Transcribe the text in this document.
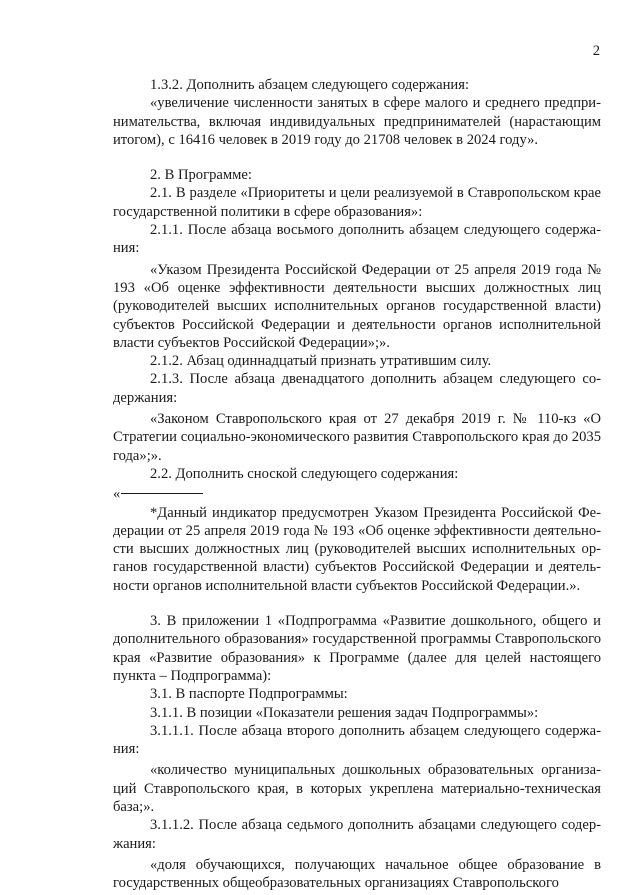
2

1.3.2. Дополнить абзацем следующего содержания:

«увеличение численности занятых в сфере малого и среднего предпринимательства, включая индивидуальных предпринимателей (нарастающим итогом), с 16416 человек в 2019 году до 21708 человек в 2024 году».

2. В Программе:

2.1. В разделе «Приоритеты и цели реализуемой в Ставропольском крае государственной политики в сфере образования»:

2.1.1. После абзаца восьмого дополнить абзацем следующего содержания:

«Указом Президента Российской Федерации от 25 апреля 2019 года № 193 «Об оценке эффективности деятельности высших должностных лиц (руководителей высших исполнительных органов государственной власти) субъектов Российской Федерации и деятельности органов исполнительной власти субъектов Российской Федерации»;».

2.1.2. Абзац одиннадцатый признать утратившим силу.

2.1.3. После абзаца двенадцатого дополнить абзацем следующего содержания:

«Законом Ставропольского края от 27 декабря 2019 г. № 110-кз «О Стратегии социально-экономического развития Ставропольского края до 2035 года»;».

2.2. Дополнить сноской следующего содержания:

«

*Данный индикатор предусмотрен Указом Президента Российской Федерации от 25 апреля 2019 года № 193 «Об оценке эффективности деятельности высших должностных лиц (руководителей высших исполнительных органов государственной власти) субъектов Российской Федерации и деятельности органов исполнительной власти субъектов Российской Федерации.».

3. В приложении 1 «Подпрограмма «Развитие дошкольного, общего и дополнительного образования» государственной программы Ставропольского края «Развитие образования» к Программе (далее для целей настоящего пункта – Подпрограмма):

3.1. В паспорте Подпрограммы:

3.1.1. В позиции «Показатели решения задач Подпрограммы»:

3.1.1.1. После абзаца второго дополнить абзацем следующего содержания:

«количество муниципальных дошкольных образовательных организаций Ставропольского края, в которых укреплена материально-техническая база;».

3.1.1.2. После абзаца седьмого дополнить абзацами следующего содержания:

«доля обучающихся, получающих начальное общее образование в государственных общеобразовательных организациях Ставропольского
